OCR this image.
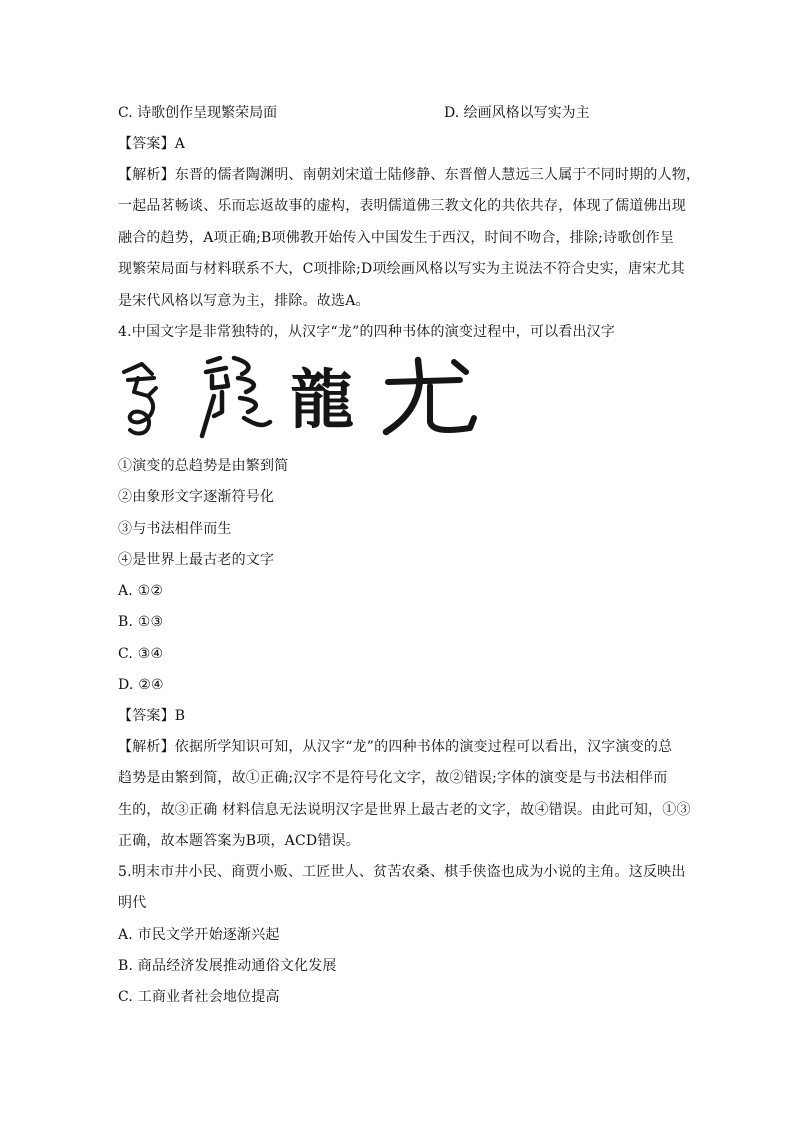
C. 诗歌创作呈现繁荣局面	D. 绘画风格以写实为主
【答案】A
【解析】东晋的儒者陶渊明、南朝刘宋道士陆修静、东晋僧人慧远三人属于不同时期的人物，
一起品茗畅谈、乐而忘返故事的虚构，表明儒道佛三教文化的共依共存，体现了儒道佛出现
融合的趋势，A项正确;B项佛教开始传入中国发生于西汉，时间不吻合，排除;诗歌创作呈
现繁荣局面与材料联系不大，C项排除;D项绘画风格以写实为主说法不符合史实，唐宋尤其
是宋代风格以写意为主，排除。故选A。
4.中国文字是非常独特的，从汉字“龙”的四种书体的演变过程中，可以看出汉字
龍
①演变的总趋势是由繁到简
②由象形文字逐渐符号化
③与书法相伴而生
④是世界上最古老的文字
A. ①②
B. ①③
C. ③④
D. ②④
【答案】B
【解析】依据所学知识可知，从汉字“龙”的四种书体的演变过程可以看出，汉字演变的总
趋势是由繁到简，故①正确;汉字不是符号化文字，故②错误;字体的演变是与书法相伴而
生的，故③正确 材料信息无法说明汉字是世界上最古老的文字，故④错误。由此可知，①③
正确，故本题答案为B项，ACD错误。
5.明末市井小民、商贾小贩、工匠世人、贫苦农桑、棋手侠盗也成为小说的主角。这反映出
明代
A. 市民文学开始逐渐兴起
B. 商品经济发展推动通俗文化发展
C. 工商业者社会地位提高
